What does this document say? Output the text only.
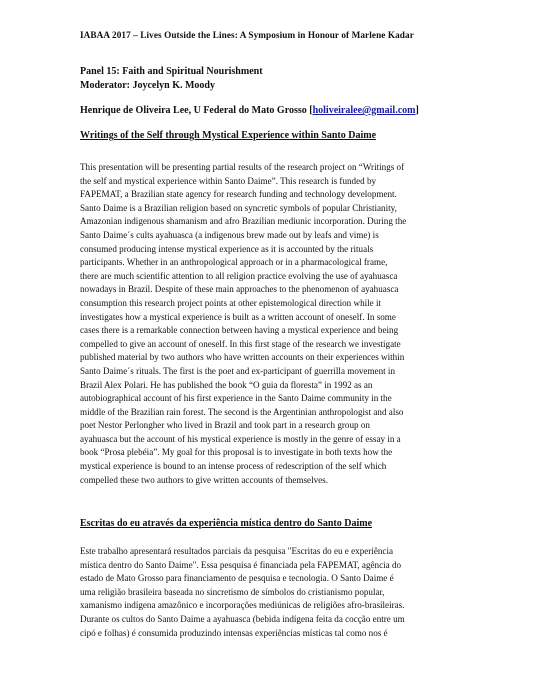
IABAA 2017 – Lives Outside the Lines: A Symposium in Honour of Marlene Kadar
Panel 15: Faith and Spiritual Nourishment
Moderator: Joycelyn K. Moody
Henrique de Oliveira Lee, U Federal do Mato Grosso [holiveiralee@gmail.com]
Writings of the Self through Mystical Experience within Santo Daime
This presentation will be presenting partial results of the research project on “Writings of
the self and mystical experience within Santo Daime”. This research is funded by
FAPEMAT, a Brazilian state agency for research funding and technology development.
Santo Daime is a Brazilian religion based on syncretic symbols of popular Christianity,
Amazonian indigenous shamanism and afro Brazilian mediunic incorporation. During the
Santo Daime´s cults ayahuasca (a indigenous brew made out by leafs and vime) is
consumed producing intense mystical experience as it is accounted by the rituals
participants. Whether in an anthropological approach or in a pharmacological frame,
there are much scientific attention to all religion practice evolving the use of ayahuasca
nowadays in Brazil. Despite of these main approaches to the phenomenon of ayahuasca
consumption this research project points at other epistemological direction while it
investigates how a mystical experience is built as a written account of oneself. In some
cases there is a remarkable connection between having a mystical experience and being
compelled to give an account of oneself. In this first stage of the research we investigate
published material by two authors who have written accounts on their experiences within
Santo Daime´s rituals. The first is the poet and ex-participant of guerrilla movement in
Brazil Alex Polari. He has published the book “O guia da floresta” in 1992 as an
autobiographical account of his first experience in the Santo Daime community in the
middle of the Brazilian rain forest. The second is the Argentinian anthropologist and also
poet Nestor Perlongher who lived in Brazil and took part in a research group on
ayahuasca but the account of his mystical experience is mostly in the genre of essay in a
book “Prosa plebéia”. My goal for this proposal is to investigate in both texts how the
mystical experience is bound to an intense process of redescription of the self which
compelled these two authors to give written accounts of themselves.
Escritas do eu através da experiência mística dentro do Santo Daime
Este trabalho apresentará resultados parciais da pesquisa "Escritas do eu e experiência
mística dentro do Santo Daime". Essa pesquisa é financiada pela FAPEMAT, agência do
estado de Mato Grosso para financiamento de pesquisa e tecnologia. O Santo Daime é
uma religião brasileira baseada no sincretismo de símbolos do cristianismo popular,
xamanismo indígena amazônico e incorporações mediúnicas de religiões afro-brasileiras.
Durante os cultos do Santo Daime a ayahuasca (bebida indígena feita da cocção entre um
cipó e folhas) é consumida produzindo intensas experiências místicas tal como nos é
